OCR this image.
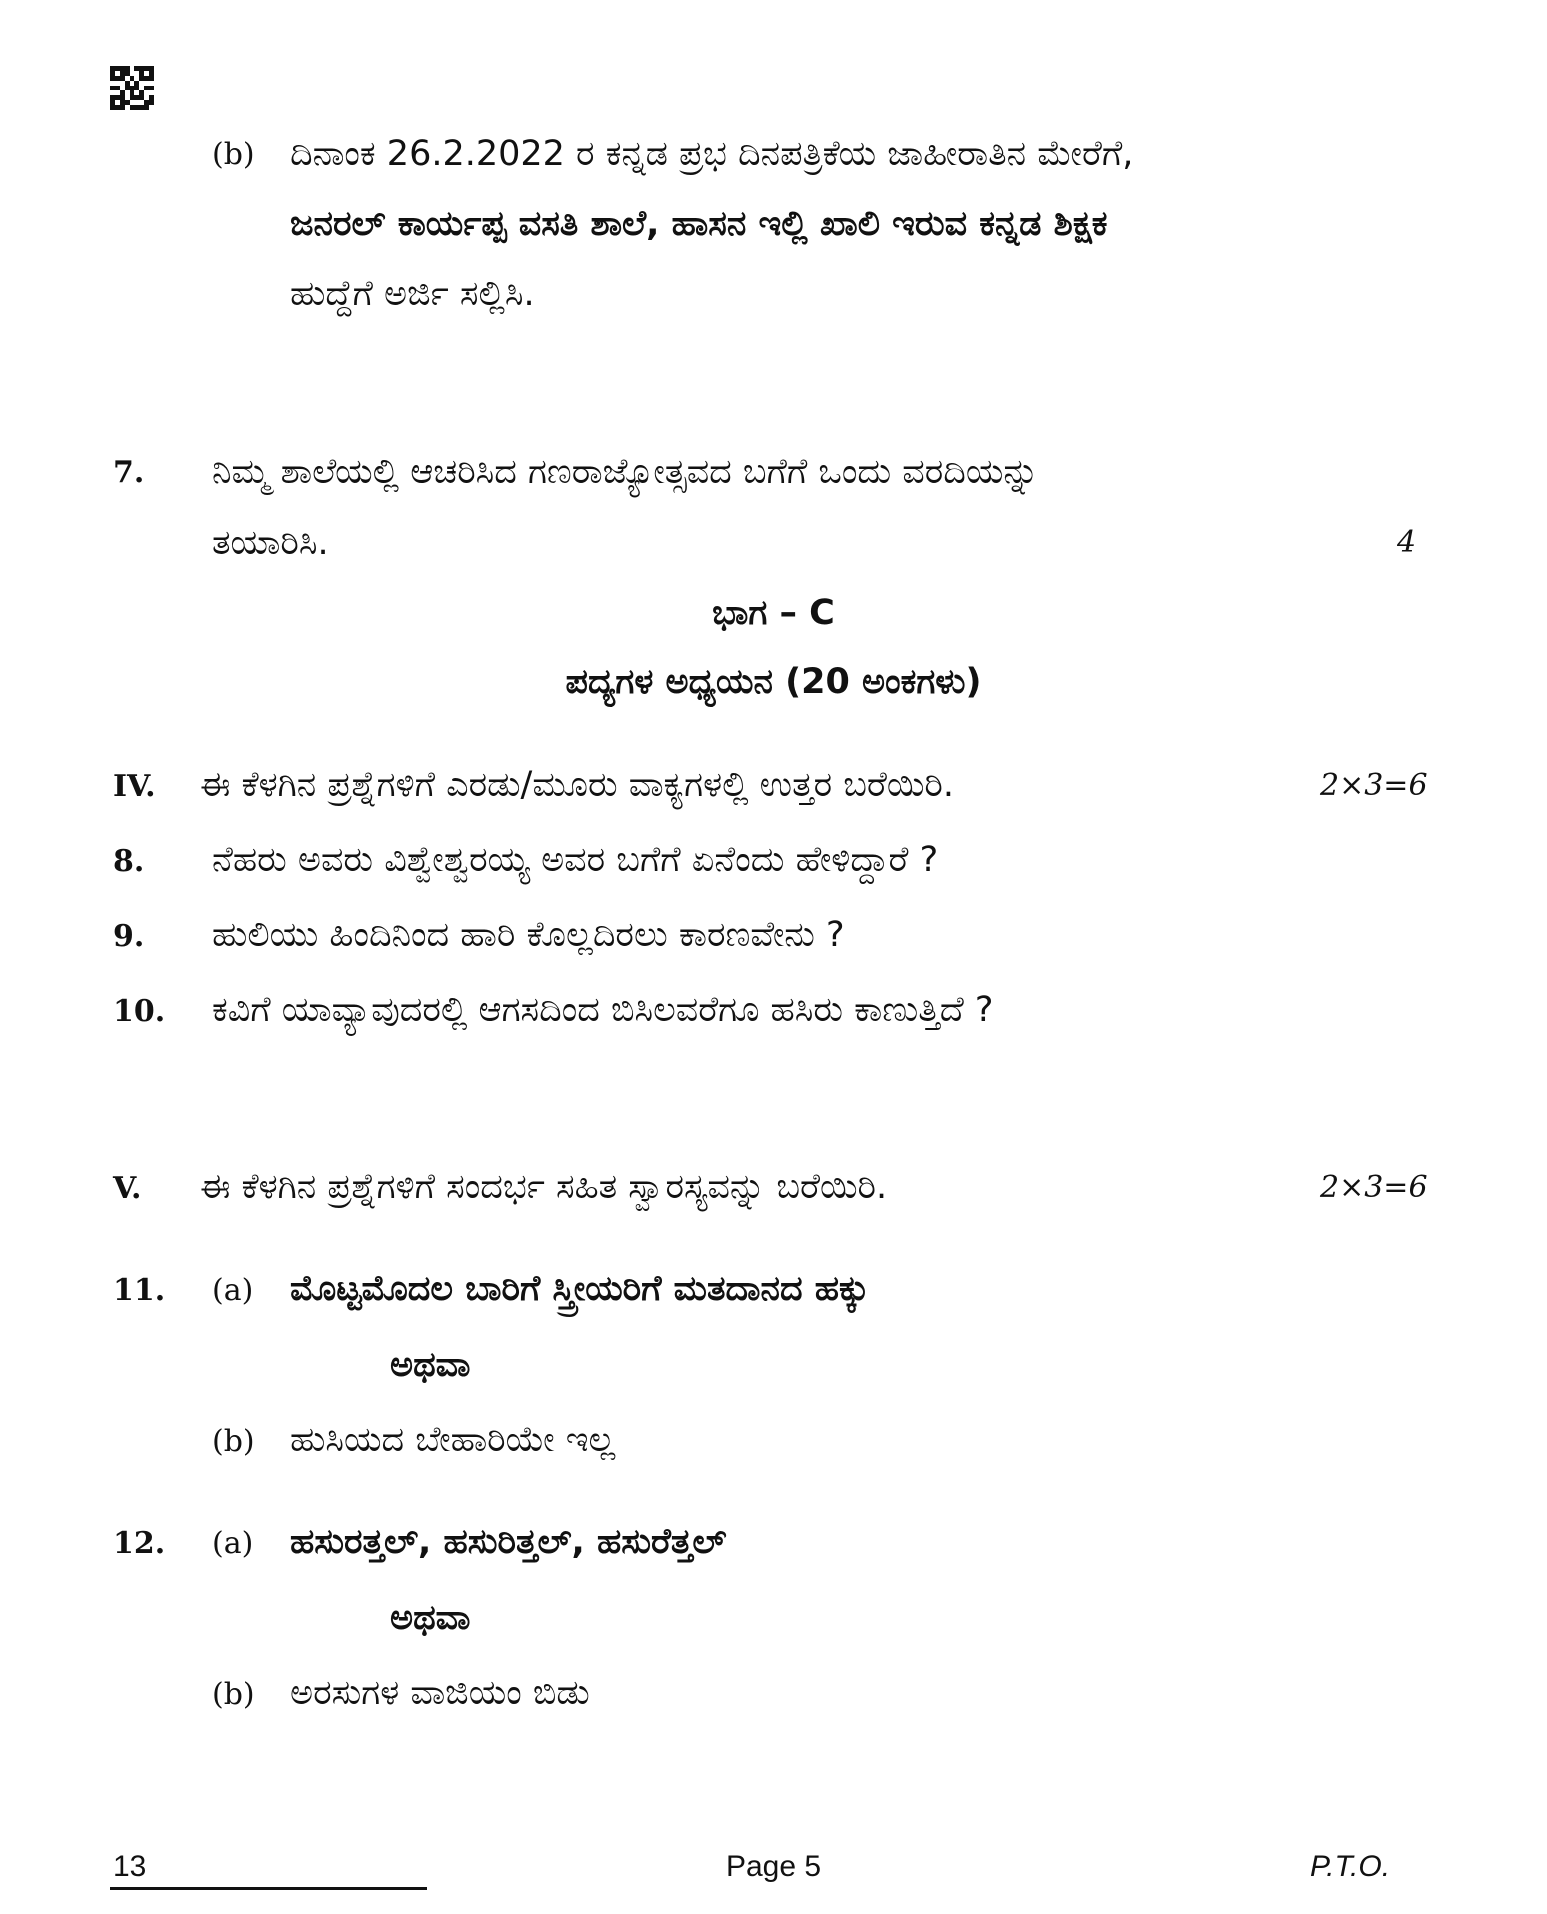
(b) ದಿನಾಂಕ 26.2.2022 ರ ಕನ್ನಡ ಪ್ರಭ ದಿನಪತ್ರಿಕೆಯ ಜಾಹೀರಾತಿನ ಮೇರೆಗೆ,
ಜನರಲ್ ಕಾರ್ಯಪ್ಪ ವಸತಿ ಶಾಲೆ, ಹಾಸನ ಇಲ್ಲಿ ಖಾಲಿ ಇರುವ ಕನ್ನಡ ಶಿಕ್ಷಕ
ಹುದ್ದೆಗೆ ಅರ್ಜಿ ಸಲ್ಲಿಸಿ.
7. ನಿಮ್ಮ ಶಾಲೆಯಲ್ಲಿ ಆಚರಿಸಿದ ಗಣರಾಜ್ಯೋತ್ಸವದ ಬಗೆಗೆ ಒಂದು ವರದಿಯನ್ನು
ತಯಾರಿಸಿ.	4
ಭಾಗ – C
ಪದ್ಯಗಳ ಅಧ್ಯಯನ (20 ಅಂಕಗಳು)
IV. ಈ ಕೆಳಗಿನ ಪ್ರಶ್ನೆಗಳಿಗೆ ಎರಡು/ಮೂರು ವಾಕ್ಯಗಳಲ್ಲಿ ಉತ್ತರ ಬರೆಯಿರಿ.	2×3=6
8. ನೆಹರು ಅವರು ವಿಶ್ವೇಶ್ವರಯ್ಯ ಅವರ ಬಗೆಗೆ ಏನೆಂದು ಹೇಳಿದ್ದಾರೆ ?
9. ಹುಲಿಯು ಹಿಂದಿನಿಂದ ಹಾರಿ ಕೊಲ್ಲದಿರಲು ಕಾರಣವೇನು ?
10. ಕವಿಗೆ ಯಾವ್ಯಾವುದರಲ್ಲಿ ಆಗಸದಿಂದ ಬಿಸಿಲವರೆಗೂ ಹಸಿರು ಕಾಣುತ್ತಿದೆ ?
V. ಈ ಕೆಳಗಿನ ಪ್ರಶ್ನೆಗಳಿಗೆ ಸಂದರ್ಭ ಸಹಿತ ಸ್ವಾರಸ್ಯವನ್ನು ಬರೆಯಿರಿ.	2×3=6
11. (a) ಮೊಟ್ಟಮೊದಲ ಬಾರಿಗೆ ಸ್ತ್ರೀಯರಿಗೆ ಮತದಾನದ ಹಕ್ಕು
ಅಥವಾ
(b) ಹುಸಿಯದ ಬೇಹಾರಿಯೇ ಇಲ್ಲ
12. (a) ಹಸುರತ್ತಲ್, ಹಸುರಿತ್ತಲ್, ಹಸುರೆತ್ತಲ್
ಅಥವಾ
(b) ಅರಸುಗಳ ವಾಜಿಯಂ ಬಿಡು
13	Page 5	P.T.O.
